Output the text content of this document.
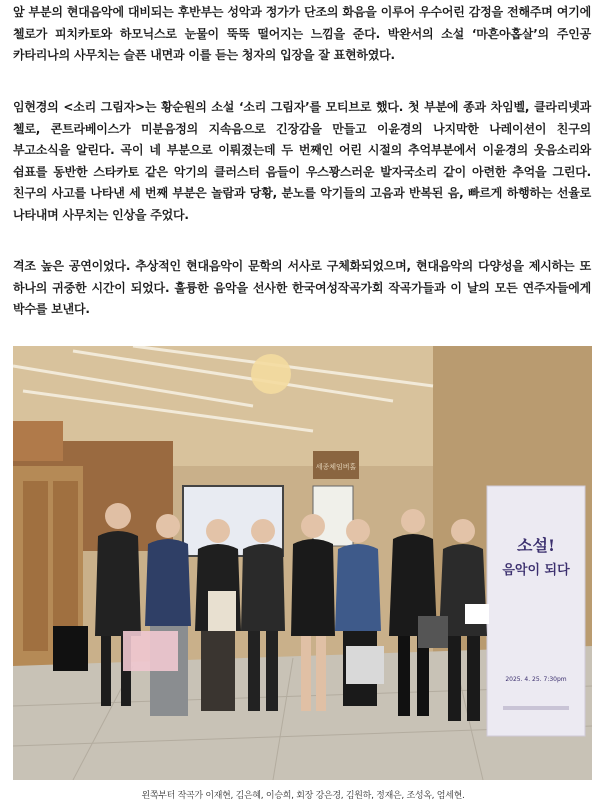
앞 부분의 현대음악에 대비되는 후반부는 성악과 정가가 단조의 화음을 이루어 우수어린 감정을 전해주며 여기에 첼로가 피치카토와 하모닉스로 눈물이 뚝뚝 떨어지는 느낌을 준다. 박완서의 소설 ‘마흔아홉살’의 주인공 카타리나의 사무치는 슬픈 내면과 이를 듣는 청자의 입장을 잘 표현하였다.

임현경의 <소리 그림자>는 황순원의 소설 ‘소리 그림자’를 모티브로 했다. 첫 부분에 종과 차임벨, 클라리넷과 첼로, 콘트라베이스가 미분음정의 지속음으로 긴장감을 만들고 이윤경의 나지막한 나레이션이 친구의 부고소식을 알린다. 곡이 네 부분으로 이뤄졌는데 두 번째인 어린 시절의 추억부분에서 이윤경의 웃음소리와 쉼표를 동반한 스타카토 같은 악기의 클러스터 음들이 우스꽝스러운 발자국소리 같이 아련한 추억을 그린다. 친구의 사고를 나타낸 세 번째 부분은 놀람과 당황, 분노를 악기들의 고음과 반복된 음, 빠르게 하행하는 선율로 나타내며 사무치는 인상을 주었다.

격조 높은 공연이었다. 추상적인 현대음악이 문학의 서사로 구체화되었으며, 현대음악의 다양성을 제시하는 또 하나의 귀중한 시간이 되었다. 훌륭한 음악을 선사한 한국여성작곡가회 작곡가들과 이 날의 모든 연주자들에게 박수를 보낸다.

세종체임버홀
소설!
음악이 되다
2025. 4. 25. 7:30pm
왼쪽부터 작곡가 이재현, 김은혜, 이승희, 회장 강은경, 김원하, 정재은, 조성옥, 엄세현.
